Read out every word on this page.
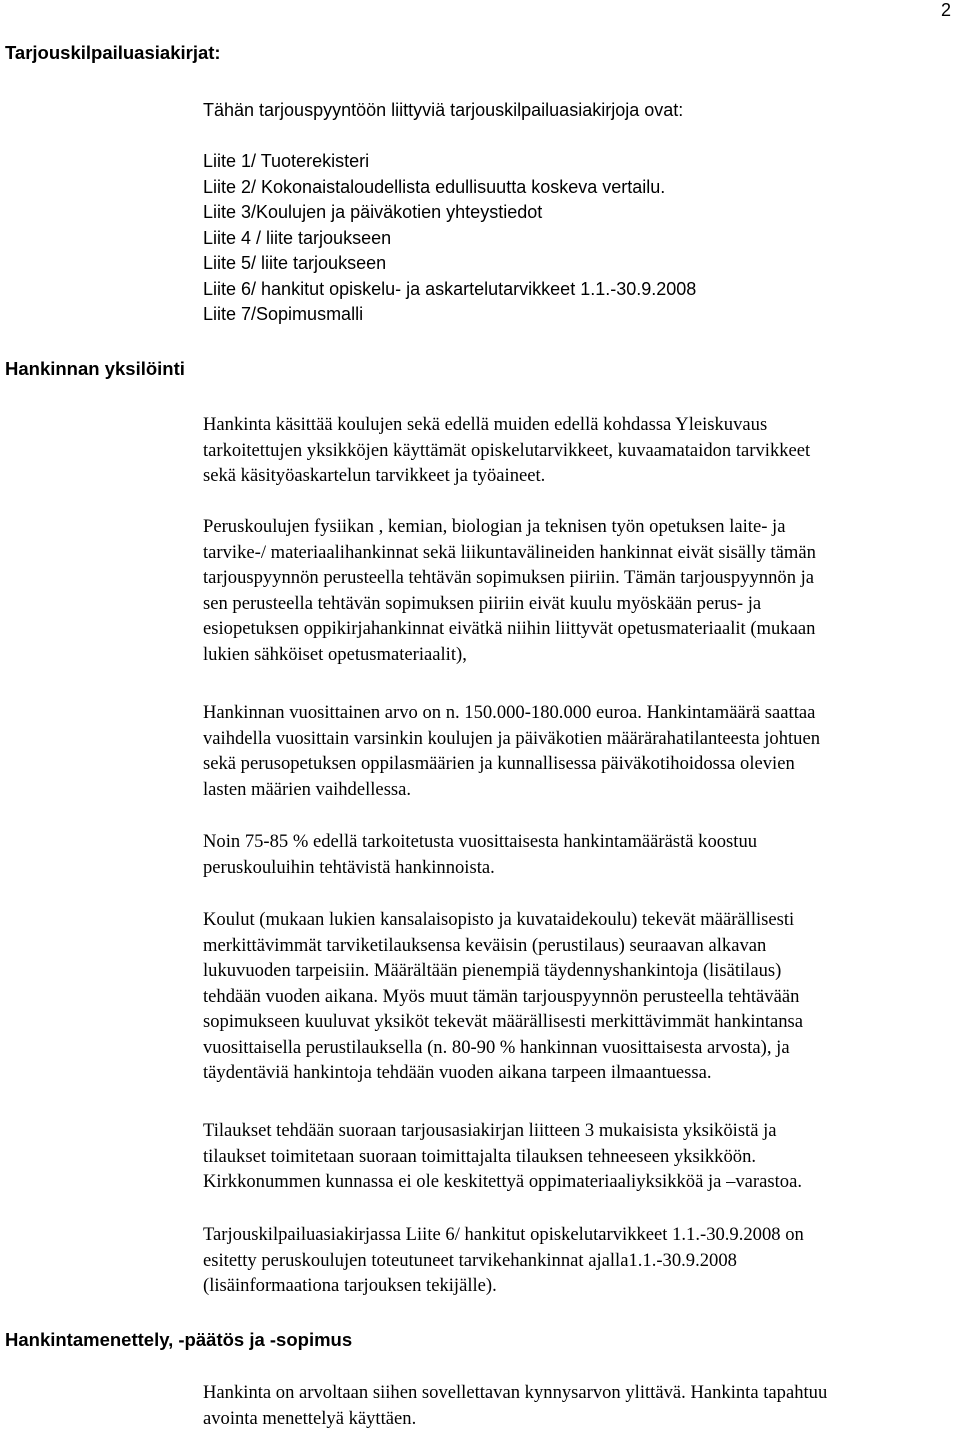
2
Tarjouskilpailuasiakirjat:

Tähän tarjouspyyntöön liittyviä tarjouskilpailuasiakirjoja ovat:

Liite 1/ Tuoterekisteri
Liite 2/ Kokonaistaloudellista edullisuutta koskeva vertailu.
Liite 3/Koulujen ja päiväkotien yhteystiedot
Liite 4 / liite tarjoukseen
Liite 5/ liite tarjoukseen
Liite 6/ hankitut opiskelu- ja askartelutarvikkeet 1.1.-30.9.2008
Liite 7/Sopimusmalli
Hankinnan yksilöinti

Hankinta käsittää koulujen sekä edellä muiden edellä kohdassa Yleiskuvaus
tarkoitettujen yksikköjen käyttämät opiskelutarvikkeet, kuvaamataidon tarvikkeet
sekä käsityöaskartelun tarvikkeet ja työaineet.

Peruskoulujen fysiikan , kemian, biologian ja teknisen työn opetuksen laite- ja
tarvike-/ materiaalihankinnat sekä liikuntavälineiden hankinnat eivät sisälly tämän
tarjouspyynnön perusteella tehtävän sopimuksen piiriin. Tämän tarjouspyynnön ja
sen perusteella tehtävän sopimuksen piiriin eivät kuulu myöskään perus- ja
esiopetuksen oppikirjahankinnat eivätkä niihin liittyvät opetusmateriaalit (mukaan
lukien sähköiset opetusmateriaalit),

Hankinnan vuosittainen arvo on n. 150.000-180.000 euroa. Hankintamäärä saattaa
vaihdella vuosittain varsinkin koulujen ja päiväkotien määrärahatilanteesta johtuen
sekä perusopetuksen oppilasmäärien ja kunnallisessa päiväkotihoidossa olevien
lasten määrien vaihdellessa.

Noin 75-85 % edellä tarkoitetusta vuosittaisesta hankintamäärästä koostuu
peruskouluihin tehtävistä hankinnoista.

Koulut (mukaan lukien kansalaisopisto ja kuvataidekoulu) tekevät määrällisesti
merkittävimmät tarviketilauksensa keväisin (perustilaus) seuraavan alkavan
lukuvuoden tarpeisiin. Määrältään pienempiä täydennyshankintoja (lisätilaus)
tehdään vuoden aikana. Myös muut tämän tarjouspyynnön perusteella tehtävään
sopimukseen kuuluvat yksiköt tekevät määrällisesti merkittävimmät hankintansa
vuosittaisella perustilauksella (n. 80-90 % hankinnan vuosittaisesta arvosta), ja
täydentäviä hankintoja tehdään vuoden aikana tarpeen ilmaantuessa.

Tilaukset tehdään suoraan tarjousasiakirjan liitteen 3 mukaisista yksiköistä ja
tilaukset toimitetaan suoraan toimittajalta tilauksen tehneeseen yksikköön.
Kirkkonummen kunnassa ei ole keskitettyä oppimateriaaliyksikköä ja –varastoa.

Tarjouskilpailuasiakirjassa Liite 6/ hankitut opiskelutarvikkeet 1.1.-30.9.2008 on
esitetty peruskoulujen toteutuneet tarvikehankinnat ajalla1.1.-30.9.2008
(lisäinformaationa tarjouksen tekijälle).

Hankintamenettely, -päätös ja -sopimus

Hankinta on arvoltaan siihen sovellettavan kynnysarvon ylittävä. Hankinta tapahtuu
avointa menettelyä käyttäen.
